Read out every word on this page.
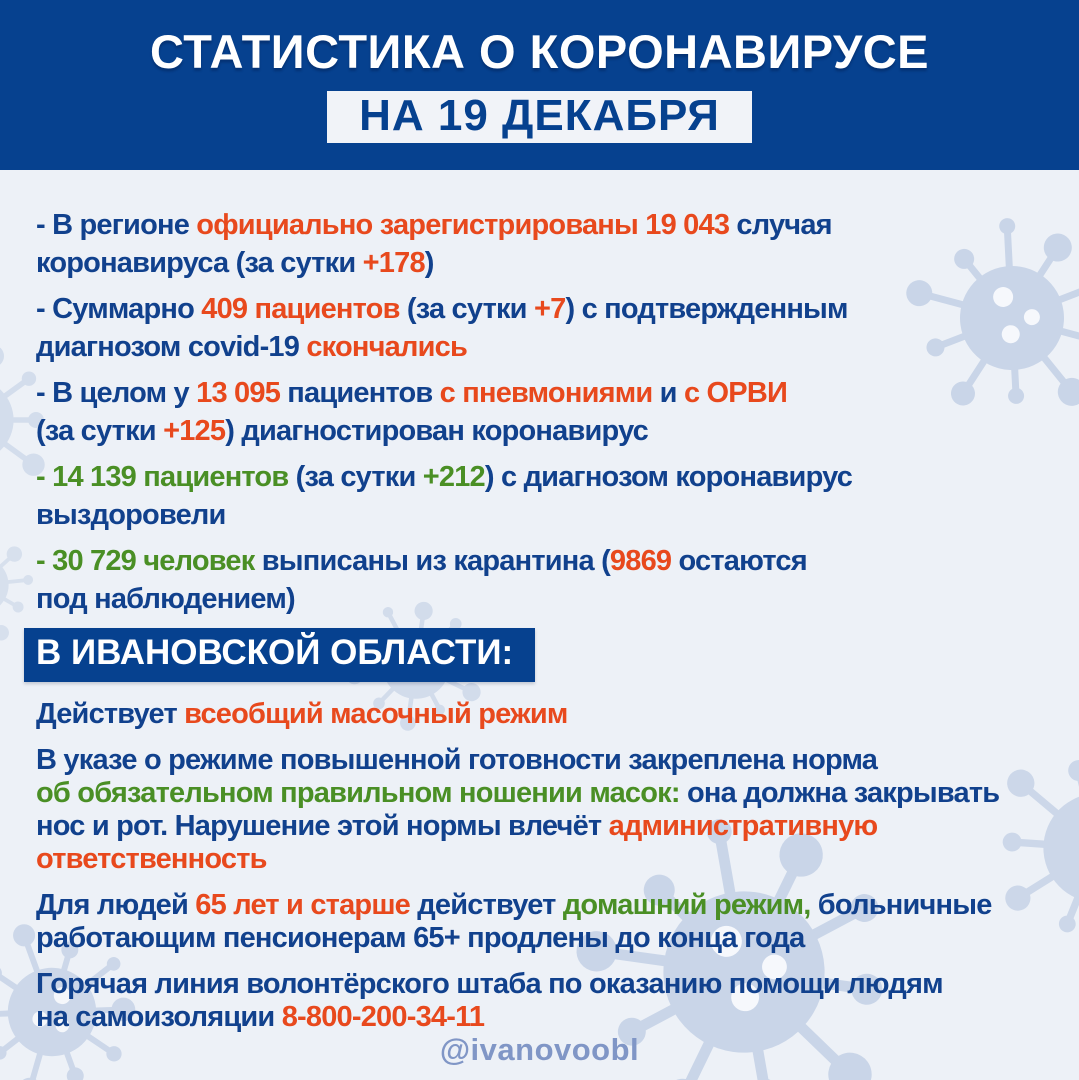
СТАТИСТИКА О КОРОНАВИРУСЕ
НА 19 ДЕКАБРЯ
- В регионе официально зарегистрированы 19 043 случая
коронавируса (за сутки +178)
- Суммарно 409 пациентов (за сутки +7) с подтвержденным
диагнозом covid-19 скончались
- В целом у 13 095 пациентов с пневмониями и с ОРВИ
(за сутки +125) диагностирован коронавирус
- 14 139 пациентов (за сутки +212) с диагнозом коронавирус
выздоровели
- 30 729 человек выписаны из карантина (9869 остаются
под наблюдением)
В ИВАНОВСКОЙ ОБЛАСТИ:
Действует всеобщий масочный режим
В указе о режиме повышенной готовности закреплена норма
об обязательном правильном ношении масок: она должна закрывать
нос и рот. Нарушение этой нормы влечёт административную
ответственность
Для людей 65 лет и старше действует домашний режим, больничные
работающим пенсионерам 65+ продлены до конца года
Горячая линия волонтёрского штаба по оказанию помощи людям
на самоизоляции 8-800-200-34-11
@ivanovoobl
